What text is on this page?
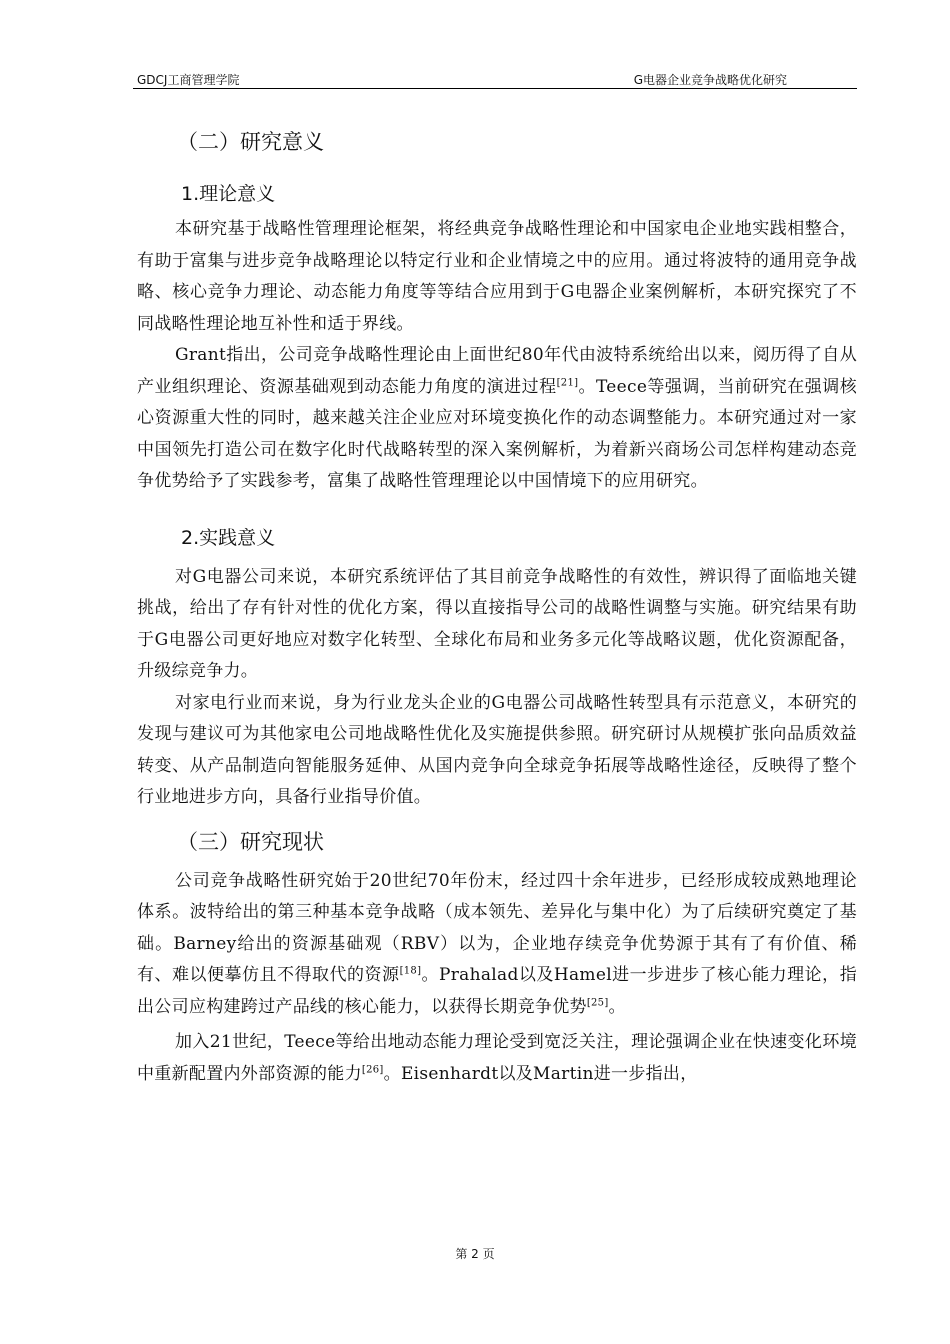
GDCJ工商管理学院	G电器企业竞争战略优化研究
（二）研究意义
1.理论意义

本研究基于战略性管理理论框架，将经典竞争战略性理论和中国家电企业地实践相整合，有助于富集与进步竞争战略理论以特定行业和企业情境之中的应用。通过将波特的通用竞争战略、核心竞争力理论、动态能力角度等等结合应用到于G电器企业案例解析，本研究探究了不同战略性理论地互补性和适于界线。

Grant指出，公司竞争战略性理论由上面世纪80年代由波特系统给出以来，阅历得了自从产业组织理论、资源基础观到动态能力角度的演进过程[21]。Teece等强调，当前研究在强调核心资源重大性的同时，越来越关注企业应对环境变换化作的动态调整能力。本研究通过对一家中国领先打造公司在数字化时代战略转型的深入案例解析，为着新兴商场公司怎样构建动态竞争优势给予了实践参考，富集了战略性管理理论以中国情境下的应用研究。

2.实践意义

对G电器公司来说，本研究系统评估了其目前竞争战略性的有效性，辨识得了面临地关键挑战，给出了存有针对性的优化方案，得以直接指导公司的战略性调整与实施。研究结果有助于G电器公司更好地应对数字化转型、全球化布局和业务多元化等战略议题，优化资源配备，升级综竞争力。

对家电行业而来说，身为行业龙头企业的G电器公司战略性转型具有示范意义，本研究的发现与建议可为其他家电公司地战略性优化及实施提供参照。研究研讨从规模扩张向品质效益转变、从产品制造向智能服务延伸、从国内竞争向全球竞争拓展等战略性途径，反映得了整个行业地进步方向，具备行业指导价值。

（三）研究现状

公司竞争战略性研究始于20世纪70年份末，经过四十余年进步，已经形成较成熟地理论体系。波特给出的第三种基本竞争战略（成本领先、差异化与集中化）为了后续研究奠定了基础。Barney给出的资源基础观（RBV）以为，企业地存续竞争优势源于其有了有价值、稀有、难以便摹仿且不得取代的资源[18]。Prahalad以及Hamel进一步进步了核心能力理论，指出公司应构建跨过产品线的核心能力，以获得长期竞争优势[25]。

加入21世纪，Teece等给出地动态能力理论受到宽泛关注，理论强调企业在快速变化环境中重新配置内外部资源的能力[26]。Eisenhardt以及Martin进一步指出，

第 2 页
